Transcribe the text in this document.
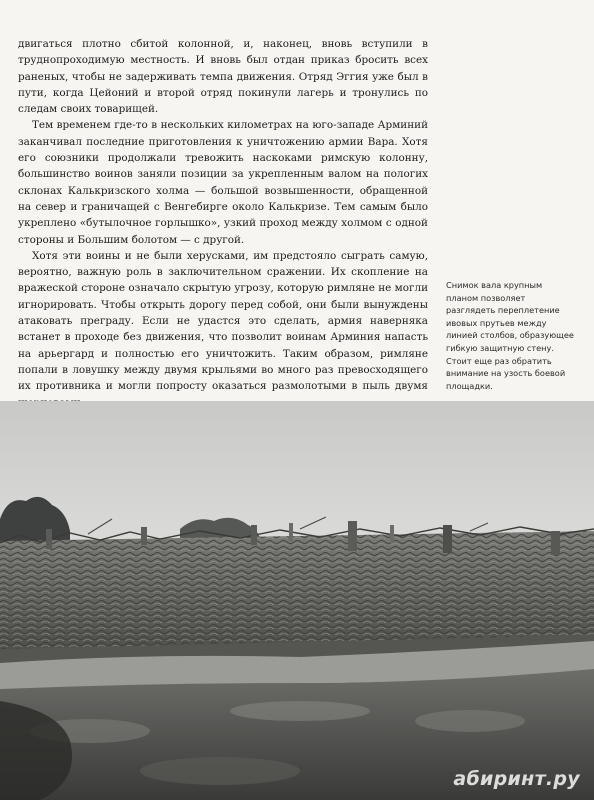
двигаться плотно сбитой колонной, и, наконец, вновь вступили в труднопроходимую местность. И вновь был отдан приказ бросить всех раненых, чтобы не задерживать темпа движения. Отряд Эггия уже был в пути, когда Цейоний и второй отряд покинули лагерь и тронулись по следам своих товарищей.

Тем временем где-то в нескольких километрах на юго-западе Арминий заканчивал последние приготовления к уничтожению армии Вара. Хотя его союзники продолжали тревожить наскоками римскую колонну, большинство воинов заняли позиции за укрепленным валом на пологих склонах Калькризского холма — большой возвышенности, обращенной на север и граничащей с Венгебирге около Калькризе. Тем самым было укреплено «бутылочное горлышко», узкий проход между холмом с одной стороны и Большим болотом — с другой.

Хотя эти воины и не были херусками, им предстояло сыграть самую, вероятно, важную роль в заключительном сражении. Их скопление на вражеской стороне означало скрытую угрозу, которую римляне не могли игнорировать. Чтобы открыть дорогу перед собой, они были вынуждены атаковать преграду. Если не удастся это сделать, армия наверняка встанет в проходе без движения, что позволит воинам Арминия напасть на арьергард и полностью его уничтожить. Таким образом, римляне попали в ловушку между двумя крыльями во много раз превосходящего их противника и могли попросту оказаться размолотыми в пыль двумя

Снимок вала крупным планом позволяет разглядеть переплетение ивовых прутьев между линией столбов, образующее гибкую защитную стену. Стоит еще раз обратить внимание на узость боевой площадки.
абиринт.ру
